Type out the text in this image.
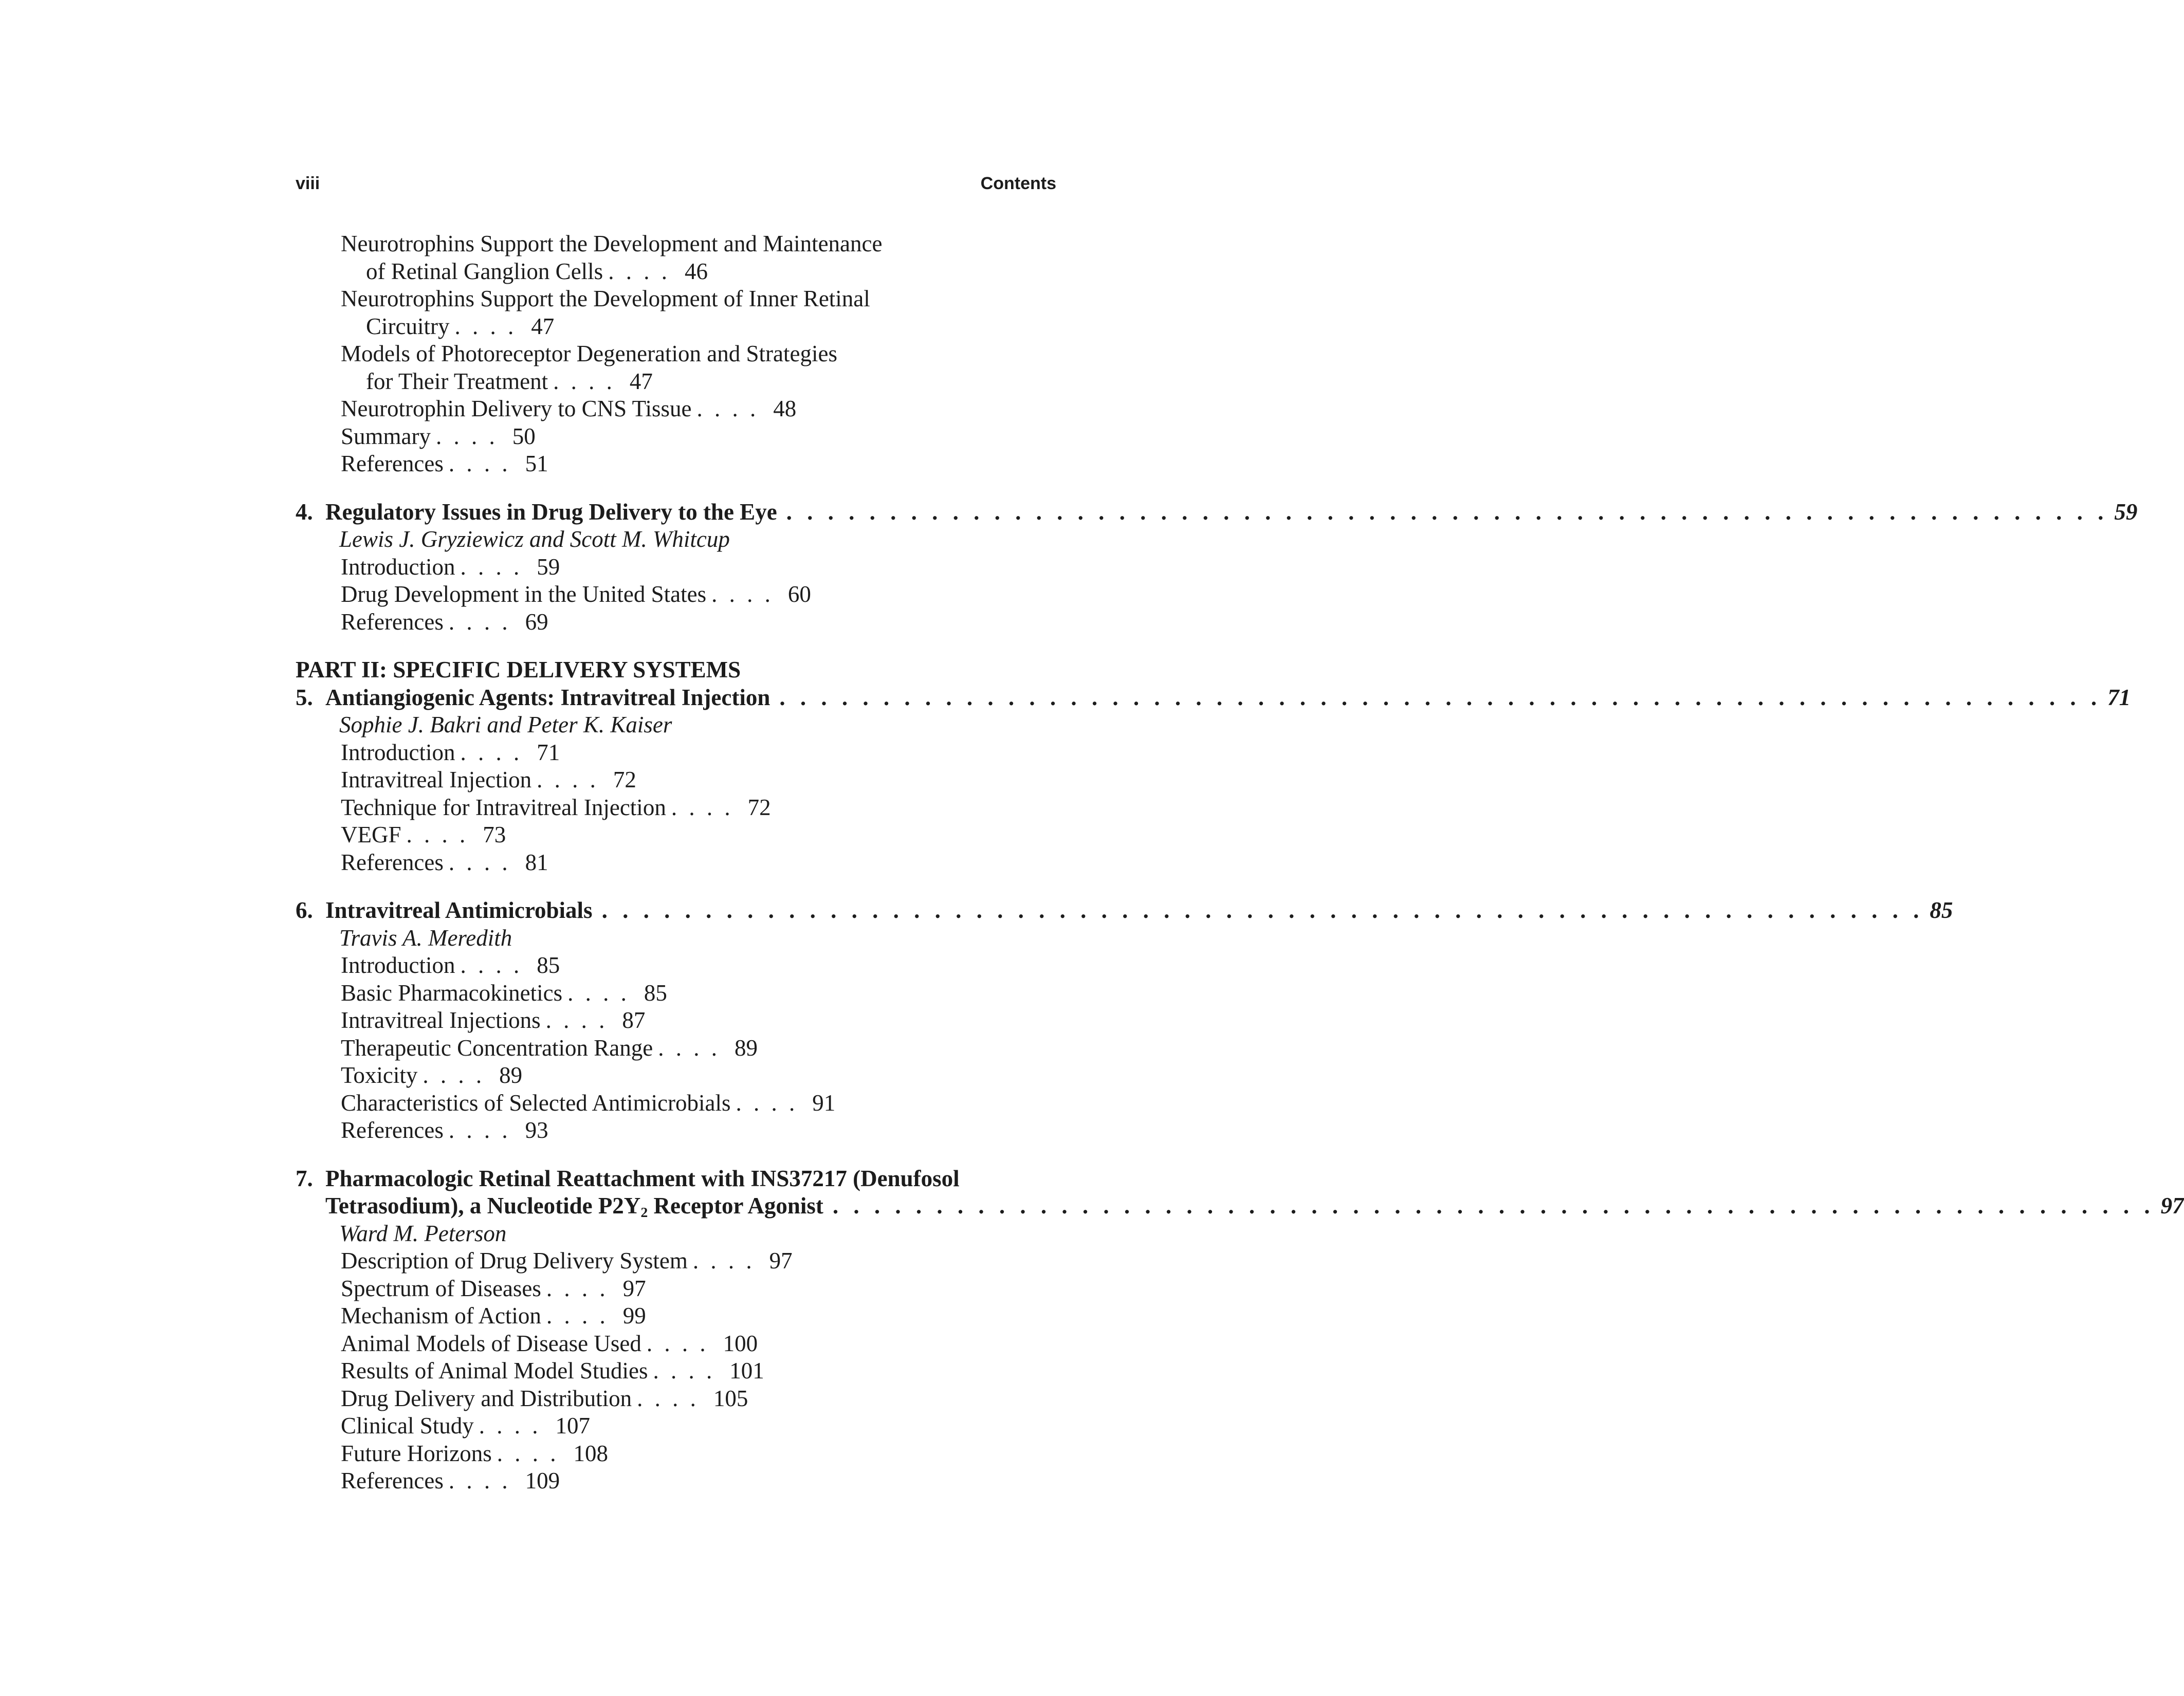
viii	Contents
Neurotrophins Support the Development and Maintenance
of Retinal Ganglion Cells . . . . 46
Neurotrophins Support the Development of Inner Retinal
Circuitry . . . . 47
Models of Photoreceptor Degeneration and Strategies
for Their Treatment . . . . 47
Neurotrophin Delivery to CNS Tissue . . . . 48
Summary . . . . 50
References . . . . 51
4. Regulatory Issues in Drug Delivery to the Eye . . . . . . . . . . . . . . . . . . . . . . . . . . . . . . . . . . . . . . . . . . . . . . . . . . . . . . . . . . . . . . . . 59
Lewis J. Gryziewicz and Scott M. Whitcup
Introduction . . . . 59
Drug Development in the United States . . . . 60
References . . . . 69
PART II: SPECIFIC DELIVERY SYSTEMS
5. Antiangiogenic Agents: Intravitreal Injection . . . . . . . . . . . . . . . . . . . . . . . . . . . . . . . . . . . . . . . . . . . . . . . . . . . . . . . . . . . . . . . . 71
Sophie J. Bakri and Peter K. Kaiser
Introduction . . . . 71
Intravitreal Injection . . . . 72
Technique for Intravitreal Injection . . . . 72
VEGF . . . . 73
References . . . . 81
6. Intravitreal Antimicrobials . . . . . . . . . . . . . . . . . . . . . . . . . . . . . . . . . . . . . . . . . . . . . . . . . . . . . . . . . . . . . . . . 85
Travis A. Meredith
Introduction . . . . 85
Basic Pharmacokinetics . . . . 85
Intravitreal Injections . . . . 87
Therapeutic Concentration Range . . . . 89
Toxicity . . . . 89
Characteristics of Selected Antimicrobials . . . . 91
References . . . . 93
7. Pharmacologic Retinal Reattachment with INS37217 (Denufosol
Tetrasodium), a Nucleotide $P2Y_2$ Receptor Agonist . . . . . . . . . . . . . . . . . . . . . . . . . . . . . . . . . . . . . . . . . . . . . . . . . . . . . . . . . . . . . . . . 97
Ward M. Peterson
Description of Drug Delivery System . . . . 97
Spectrum of Diseases . . . . 97
Mechanism of Action . . . . 99
Animal Models of Disease Used . . . . 100
Results of Animal Model Studies . . . . 101
Drug Delivery and Distribution . . . . 105
Clinical Study . . . . 107
Future Horizons . . . . 108
References . . . . 109
